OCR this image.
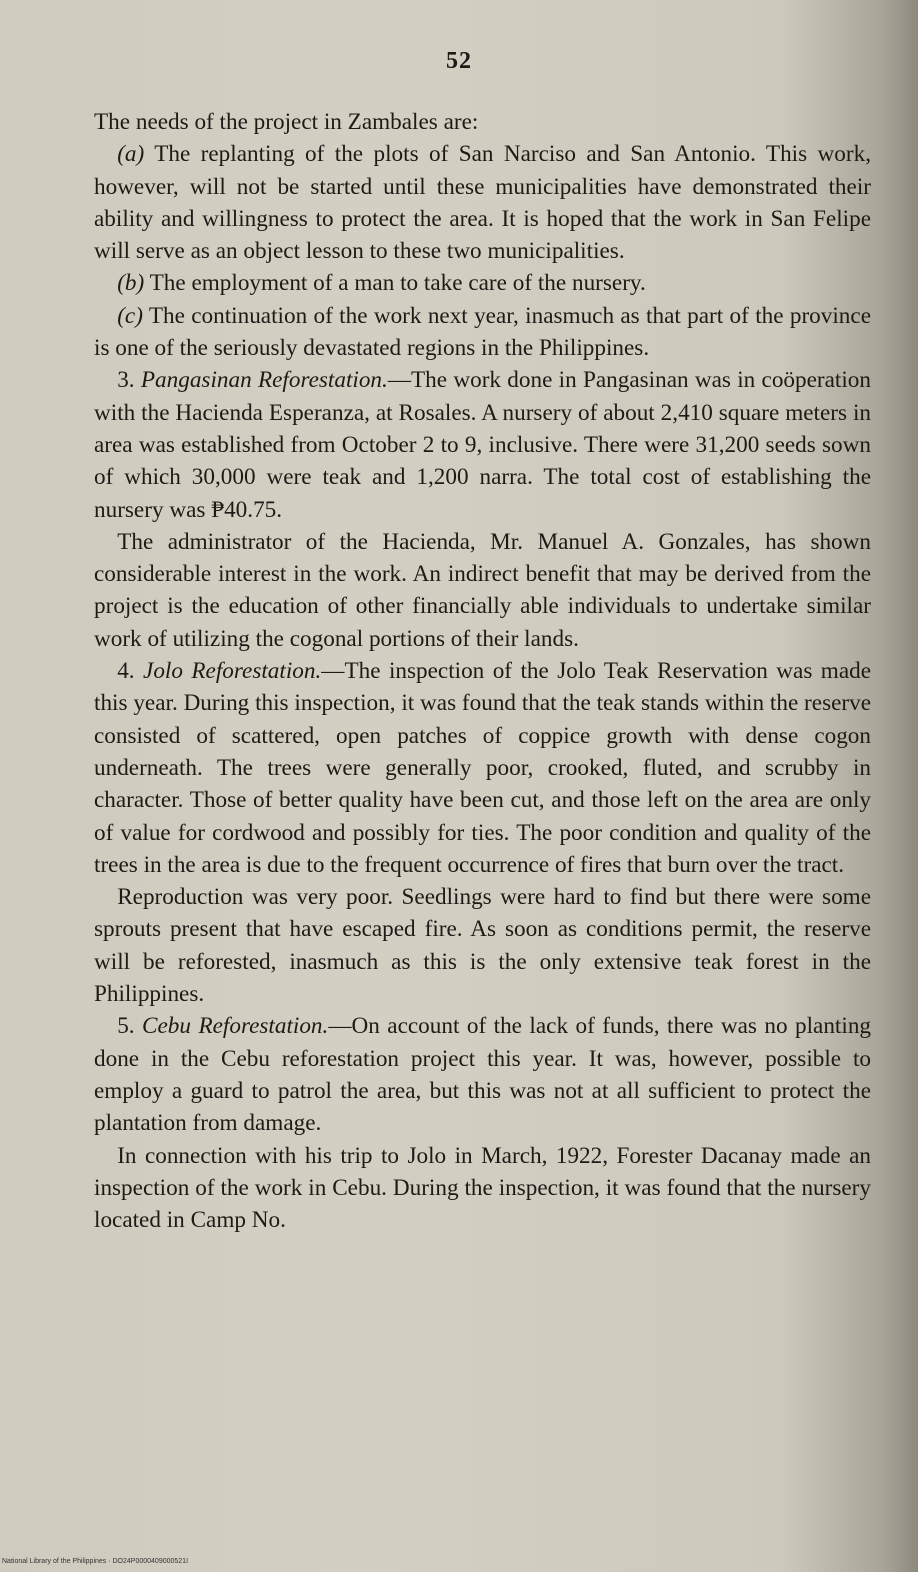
52

The needs of the project in Zambales are:

(a) The replanting of the plots of San Narciso and San Antonio. This work, however, will not be started until these municipalities have demonstrated their ability and willingness to protect the area. It is hoped that the work in San Felipe will serve as an object lesson to these two municipalities.

(b) The employment of a man to take care of the nursery.

(c) The continuation of the work next year, inasmuch as that part of the province is one of the seriously devastated regions in the Philippines.

3. Pangasinan Reforestation.—The work done in Pangasinan was in coöperation with the Hacienda Esperanza, at Rosales. A nursery of about 2,410 square meters in area was established from October 2 to 9, inclusive. There were 31,200 seeds sown of which 30,000 were teak and 1,200 narra. The total cost of establishing the nursery was ₱40.75.

The administrator of the Hacienda, Mr. Manuel A. Gonzales, has shown considerable interest in the work. An indirect benefit that may be derived from the project is the education of other financially able individuals to undertake similar work of utilizing the cogonal portions of their lands.

4. Jolo Reforestation.—The inspection of the Jolo Teak Reservation was made this year. During this inspection, it was found that the teak stands within the reserve consisted of scattered, open patches of coppice growth with dense cogon underneath. The trees were generally poor, crooked, fluted, and scrubby in character. Those of better quality have been cut, and those left on the area are only of value for cordwood and possibly for ties. The poor condition and quality of the trees in the area is due to the frequent occurrence of fires that burn over the tract.

Reproduction was very poor. Seedlings were hard to find but there were some sprouts present that have escaped fire. As soon as conditions permit, the reserve will be reforested, inasmuch as this is the only extensive teak forest in the Philippines.

5. Cebu Reforestation.—On account of the lack of funds, there was no planting done in the Cebu reforestation project this year. It was, however, possible to employ a guard to patrol the area, but this was not at all sufficient to protect the plantation from damage.

In connection with his trip to Jolo in March, 1922, Forester Dacanay made an inspection of the work in Cebu. During the inspection, it was found that the nursery located in Camp No.

National Library of the Philippines · DO24P0000409000521I
